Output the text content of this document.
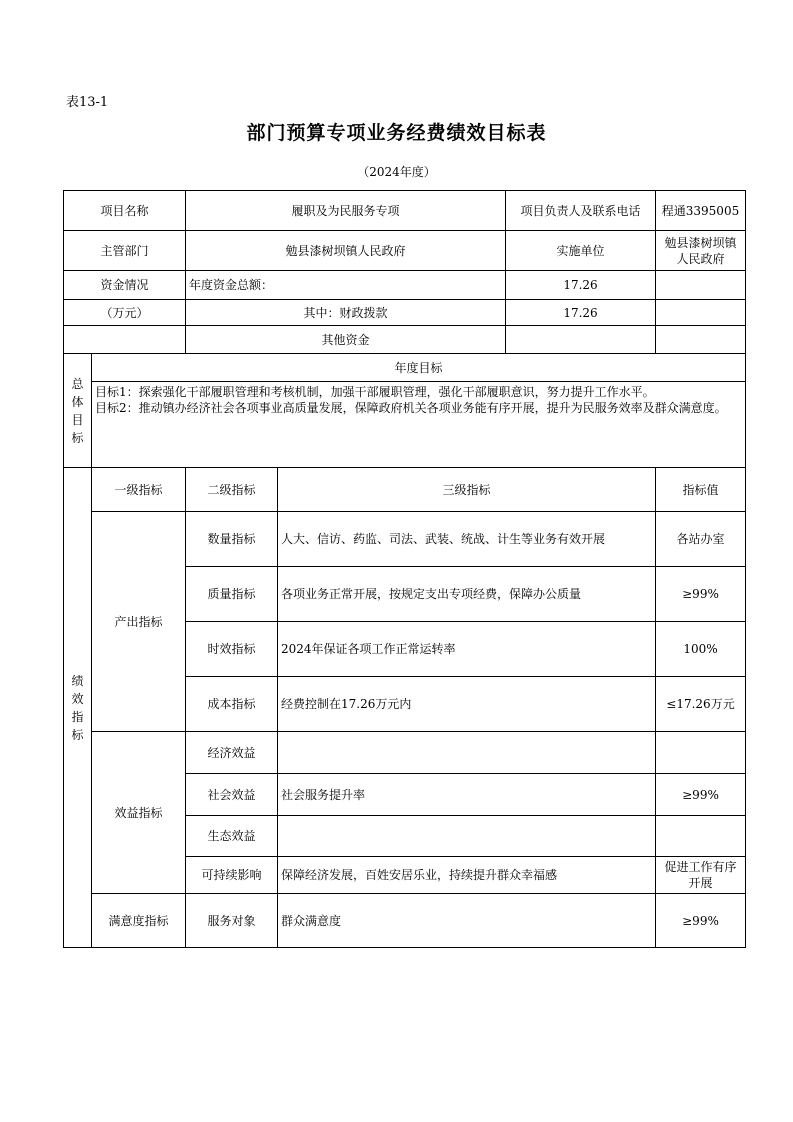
表13-1
部门预算专项业务经费绩效目标表
（2024年度）
项目名称		履职及为民服务专项		项目负责人及联系电话	程通3395005
主管部门		勉县漆树坝镇人民政府		实施单位	勉县漆树坝镇人民政府
资金情况		年度资金总额：		17.26	
（万元）		其中：财政拨款		17.26	
		其他资金			
总体目标	年度目标				

	目标1：探索强化干部履职管理和考核机制，加强干部履职管理，强化干部履职意识，努力提升工作水平。
目标2：推动镇办经济社会各项事业高质量发展，保障政府机关各项业务能有序开展，提升为民服务效率及群众满意度。				

绩效指标	一级指标	二级指标	三级指标		指标值
	产出指标	数量指标	人大、信访、药监、司法、武装、统战、计生等业务有效开展		各站办室
		质量指标	各项业务正常开展，按规定支出专项经费，保障办公质量		≥99%
		时效指标	2024年保证各项工作正常运转率		100%
		成本指标	经费控制在17.26万元内		≤17.26万元
	效益指标	经济效益			
		社会效益	社会服务提升率		≥99%
		生态效益			
		可持续影响	保障经济发展，百姓安居乐业，持续提升群众幸福感		促进工作有序开展
	满意度指标	服务对象	群众满意度		≥99%
